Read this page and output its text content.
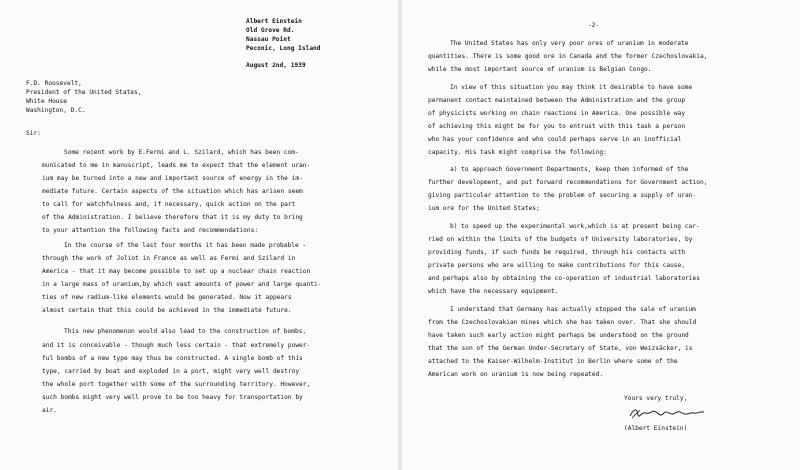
Albert Einstein
Old Grove Rd.
Nassau Point
Peconic, Long Island
August 2nd, 1939
F.D. Roosevelt,
President of the United States,
White House
Washington, D.C.
Sir:
Some recent work by E.Fermi and L. Szilard, which has been com-
municated to me in manuscript, leads me to expect that the element uran-
ium may be turned into a new and important source of energy in the im-
mediate future. Certain aspects of the situation which has arisen seem
to call for watchfulness and, if necessary, quick action on the part
of the Administration. I believe therefore that it is my duty to bring
to your attention the following facts and recommendations:
In the course of the last four months it has been made probable -
through the work of Joliot in France as well as Fermi and Szilard in
America - that it may become possible to set up a nuclear chain reaction
in a large mass of uranium,by which vast amounts of power and large quanti-
ties of new radium-like elements would be generated. Now it appears
almost certain that this could be achieved in the immediate future.
This new phenomenon would also lead to the construction of bombs,
and it is conceivable - though much less certain - that extremely power-
ful bombs of a new type may thus be constructed. A single bomb of this
type, carried by boat and exploded in a port, might very well destroy
the whole port together with some of the surrounding territory. However,
such bombs might very well prove to be too heavy for transportation by
air.
-2-
The United States has only very poor ores of uranium in moderate
quantities. There is some good ore in Canada and the former Czechoslovakia,
while the most important source of uranium is Belgian Congo.
In view of this situation you may think it desirable to have some
permanent contact maintained between the Administration and the group
of physicists working on chain reactions in America. One possible way
of achieving this might be for you to entrust with this task a person
who has your confidence and who could perhaps serve in an inofficial
capacity. His task might comprise the following:
a) to approach Government Departments, keep them informed of the
further development, and put forward recommendations for Government action,
giving particular attention to the problem of securing a supply of uran-
ium ore for the United States;
b) to speed up the experimental work,which is at present being car-
ried on within the limits of the budgets of University laboratories, by
providing funds, if such funds be required, through his contacts with
private persons who are willing to make contributions for this cause,
and perhaps also by obtaining the co-operation of industrial laboratories
which have the necessary equipment.
I understand that Germany has actually stopped the sale of uranium
from the Czechoslovakian mines which she has taken over. That she should
have taken such early action might perhaps be understood on the ground
that the son of the German Under-Secretary of State, von Weizsäcker, is
attached to the Kaiser-Wilhelm-Institut in Berlin where some of the
American work on uranium is now being repeated.
Yours very truly,
(Albert Einstein)
